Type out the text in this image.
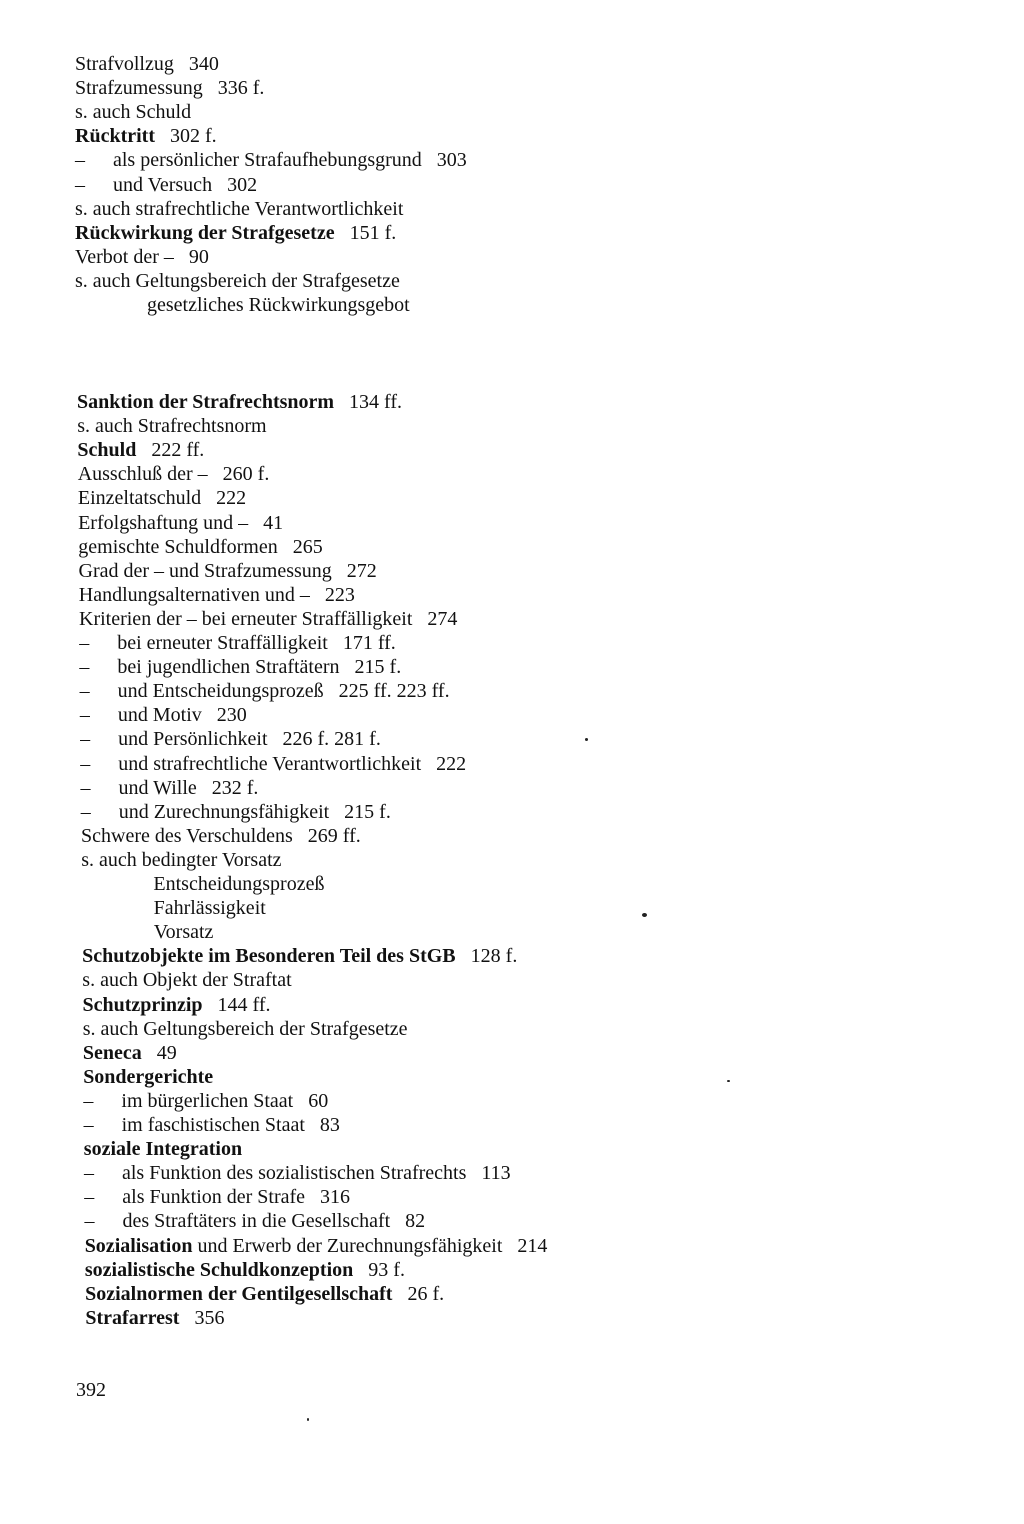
Strafvollzug   340
Strafzumessung   336 f.
s. auch Schuld
Rücktritt   302 f.
– als persönlicher Strafaufhebungsgrund   303
– und Versuch   302
s. auch strafrechtliche Verantwortlichkeit
Rückwirkung der Strafgesetze   151 f.
Verbot der –   90
s. auch Geltungsbereich der Strafgesetze
gesetzliches Rückwirkungsgebot
Sanktion der Strafrechtsnorm   134 ff.
s. auch Strafrechtsnorm
Schuld   222 ff.
Ausschluß der –   260 f.
Einzeltatschuld   222
Erfolgshaftung und –   41
gemischte Schuldformen   265
Grad der – und Strafzumessung   272
Handlungsalternativen und –   223
Kriterien der – bei erneuter Straffälligkeit   274
– bei erneuter Straffälligkeit   171 ff.
– bei jugendlichen Straftätern   215 f.
– und Entscheidungsprozeß   225 ff. 223 ff.
– und Motiv   230
– und Persönlichkeit   226 f. 281 f.
– und strafrechtliche Verantwortlichkeit   222
– und Wille   232 f.
– und Zurechnungsfähigkeit   215 f.
Schwere des Verschuldens   269 ff.
s. auch bedingter Vorsatz
Entscheidungsprozeß
Fahrlässigkeit
Vorsatz
Schutzobjekte im Besonderen Teil des StGB   128 f.
s. auch Objekt der Straftat
Schutzprinzip   144 ff.
s. auch Geltungsbereich der Strafgesetze
Seneca   49
Sondergerichte
– im bürgerlichen Staat   60
– im faschistischen Staat   83
soziale Integration
– als Funktion des sozialistischen Strafrechts   113
– als Funktion der Strafe   316
– des Straftäters in die Gesellschaft   82
Sozialisation und Erwerb der Zurechnungsfähigkeit   214
sozialistische Schuldkonzeption   93 f.
Sozialnormen der Gentilgesellschaft   26 f.
Strafarrest   356
392
